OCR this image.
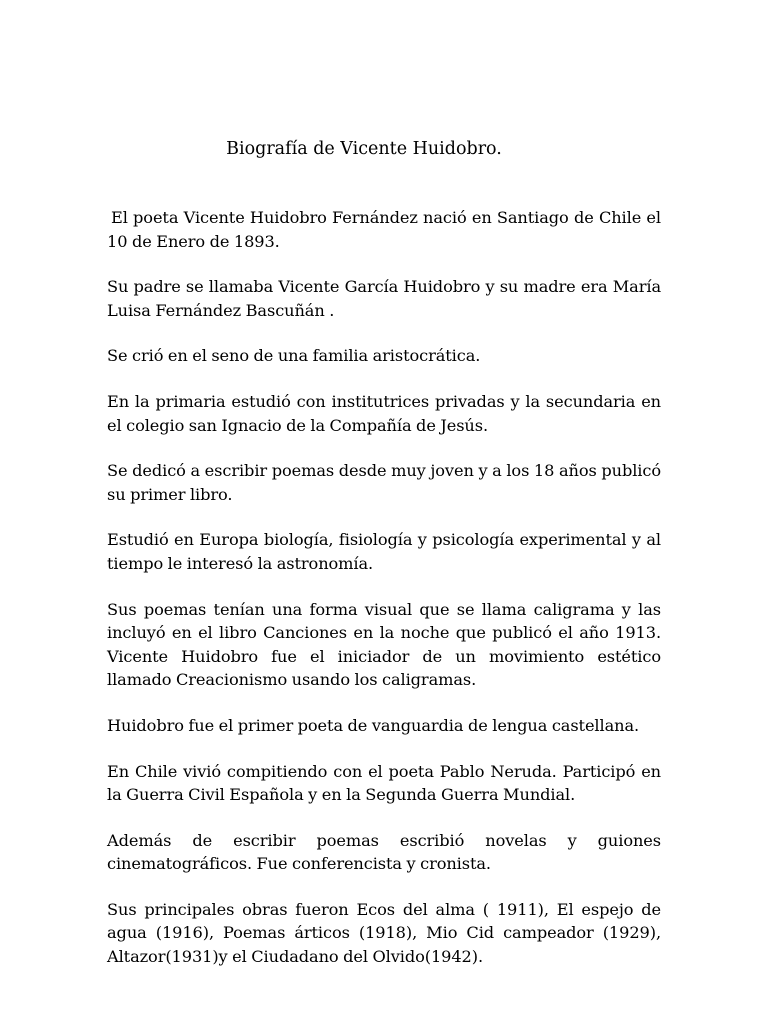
Biografía de Vicente Huidobro.

El poeta Vicente Huidobro Fernández nació en Santiago de Chile el 10 de Enero de 1893.

Su padre se llamaba Vicente García Huidobro y su madre era María Luisa Fernández Bascuñán .

Se crió en el seno de una familia aristocrática.

En la primaria estudió con institutrices privadas y la secundaria en el colegio san Ignacio de la Compañía de Jesús.

Se dedicó a escribir poemas desde muy joven y a los 18 años publicó su primer libro.

Estudió en Europa biología, fisiología y psicología experimental y al tiempo le interesó la astronomía.

Sus poemas tenían una forma visual que se llama caligrama y las incluyó en el libro Canciones en la noche que publicó el año 1913. Vicente Huidobro fue el iniciador de un movimiento estético llamado Creacionismo usando los caligramas.

Huidobro fue el primer poeta de vanguardia de lengua castellana.

En Chile vivió compitiendo con el poeta Pablo Neruda. Participó en la Guerra Civil Española y en la Segunda Guerra Mundial.

Además de escribir poemas escribió novelas y guiones cinematográficos. Fue conferencista y cronista.

Sus principales obras fueron Ecos del alma ( 1911), El espejo de agua (1916), Poemas árticos (1918), Mio Cid campeador (1929), Altazor(1931)y el Ciudadano del Olvido(1942).
